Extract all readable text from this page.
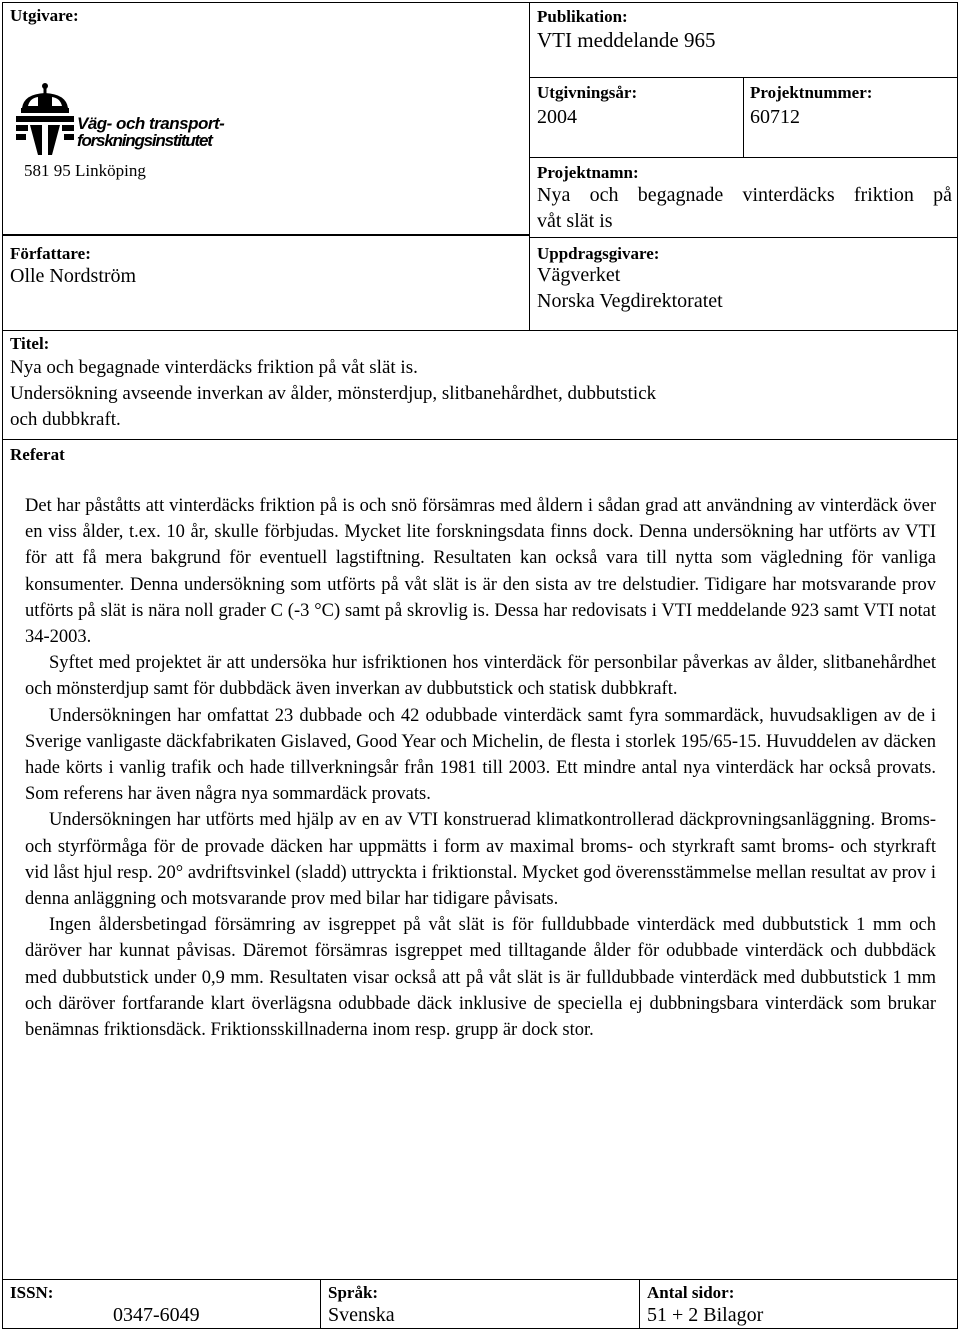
Utgivare:
Väg- och transport-
forskningsinstitutet
581 95 Linköping
Författare:
Olle Nordström
Publikation:
VTI meddelande 965
Utgivningsår:
2004
Projektnummer:
60712
Projektnamn:
Nya och begagnade vinterdäcks friktion på
våt slät is
Uppdragsgivare:
Vägverket
Norska Vegdirektoratet
Titel:
Nya och begagnade vinterdäcks friktion på våt slät is.
Undersökning avseende inverkan av ålder, mönsterdjup, slitbanehårdhet, dubbutstick
och dubbkraft.
Referat

Det har påståtts att vinterdäcks friktion på is och snö försämras med åldern i sådan grad att användning av vinterdäck över en viss ålder, t.ex. 10 år, skulle förbjudas. Mycket lite forskningsdata finns dock. Denna undersökning har utförts av VTI för att få mera bakgrund för eventuell lagstiftning. Resultaten kan också vara till nytta som vägledning för vanliga konsumenter. Denna undersökning som utförts på våt slät is är den sista av tre delstudier. Tidigare har motsvarande prov utförts på slät is nära noll grader C (-3 °C) samt på skrovlig is. Dessa har redovisats i VTI meddelande 923 samt VTI notat 34-2003.

Syftet med projektet är att undersöka hur isfriktionen hos vinterdäck för personbilar påverkas av ålder, slitbanehårdhet och mönsterdjup samt för dubbdäck även inverkan av dubbutstick och statisk dubbkraft.

Undersökningen har omfattat 23 dubbade och 42 odubbade vinterdäck samt fyra sommardäck, huvudsakligen av de i Sverige vanligaste däckfabrikaten Gislaved, Good Year och Michelin, de flesta i storlek 195/65-15. Huvuddelen av däcken hade körts i vanlig trafik och hade tillverkningsår från 1981 till 2003. Ett mindre antal nya vinterdäck har också provats. Som referens har även några nya sommardäck provats.

Undersökningen har utförts med hjälp av en av VTI konstruerad klimatkontrollerad däckprovningsanläggning. Broms- och styrförmåga för de provade däcken har uppmätts i form av maximal broms- och styrkraft samt broms- och styrkraft vid låst hjul resp. 20° avdriftsvinkel (sladd) uttryckta i friktionstal. Mycket god överensstämmelse mellan resultat av prov i denna anläggning och motsvarande prov med bilar har tidigare påvisats.

Ingen åldersbetingad försämring av isgreppet på våt slät is för fulldubbade vinterdäck med dubbutstick 1 mm och däröver har kunnat påvisas. Däremot försämras isgreppet med tilltagande ålder för odubbade vinterdäck och dubbdäck med dubbutstick under 0,9 mm. Resultaten visar också att på våt slät is är fulldubbade vinterdäck med dubbutstick 1 mm och däröver fortfarande klart överlägsna odubbade däck inklusive de speciella ej dubbningsbara vinterdäck som brukar benämnas friktionsdäck. Friktionsskillnaderna inom resp. grupp är dock stor.

ISSN:
0347-6049
Språk:
Svenska
Antal sidor:
51 + 2 Bilagor
